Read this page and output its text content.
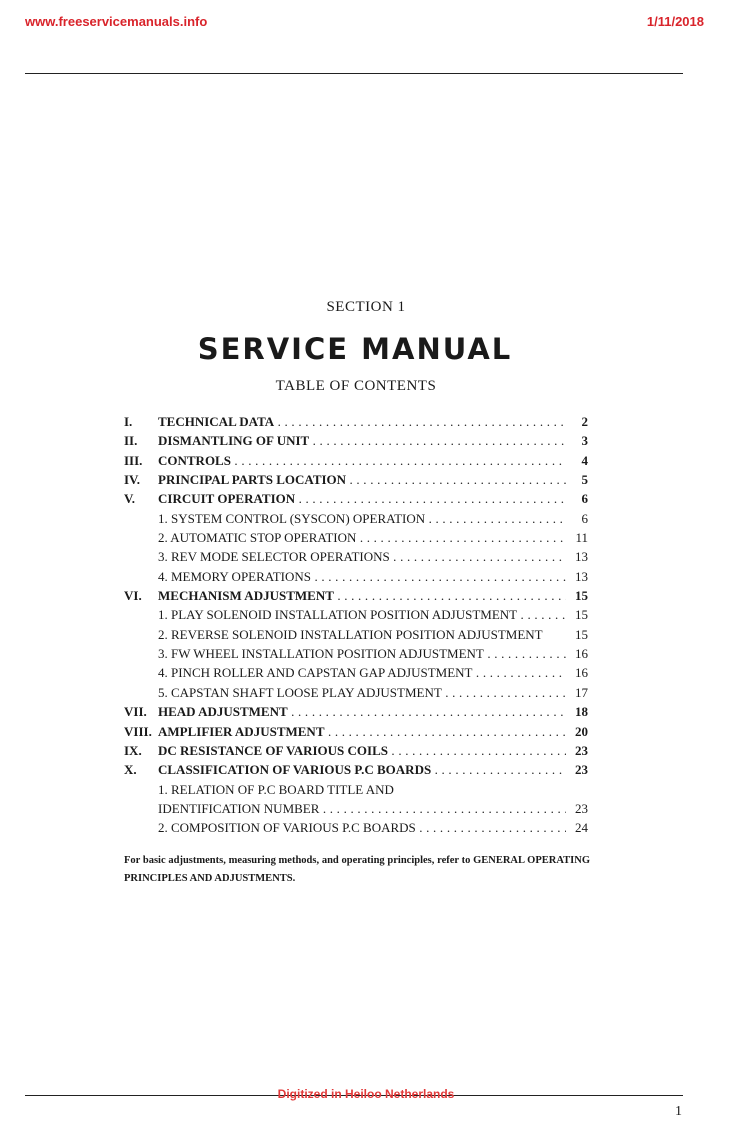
www.freeservicemanuals.info	1/11/2018
SECTION 1
SERVICE MANUAL
TABLE OF CONTENTS
I.	TECHNICAL DATA . . .	2
II.	DISMANTLING OF UNIT . . .	3
III.	CONTROLS . . .	4
IV.	PRINCIPAL PARTS LOCATION . . .	5
V.	CIRCUIT OPERATION . . .	6
1. SYSTEM CONTROL (SYSCON) OPERATION . . .	6
2. AUTOMATIC STOP OPERATION . . .	11
3. REV MODE SELECTOR OPERATIONS . . .	13
4. MEMORY OPERATIONS . . .	13
VI.	MECHANISM ADJUSTMENT . . .	15
1. PLAY SOLENOID INSTALLATION POSITION ADJUSTMENT . . .	15
2. REVERSE SOLENOID INSTALLATION POSITION ADJUSTMENT	15
3. FW WHEEL INSTALLATION POSITION ADJUSTMENT . . .	16
4. PINCH ROLLER AND CAPSTAN GAP ADJUSTMENT . . .	16
5. CAPSTAN SHAFT LOOSE PLAY ADJUSTMENT . . .	17
VII. HEAD ADJUSTMENT . . .	18
VIII. AMPLIFIER ADJUSTMENT . . .	20
IX.	DC RESISTANCE OF VARIOUS COILS . . .	23
X.	CLASSIFICATION OF VARIOUS P.C BOARDS . . .	23
1. RELATION OF P.C BOARD TITLE AND
IDENTIFICATION NUMBER . . .	23
2. COMPOSITION OF VARIOUS P.C BOARDS . . .	24
For basic adjustments, measuring methods, and operating principles, refer to GENERAL OPERATING PRINCIPLES AND ADJUSTMENTS.
Digitized in Heiloo Netherlands
1
